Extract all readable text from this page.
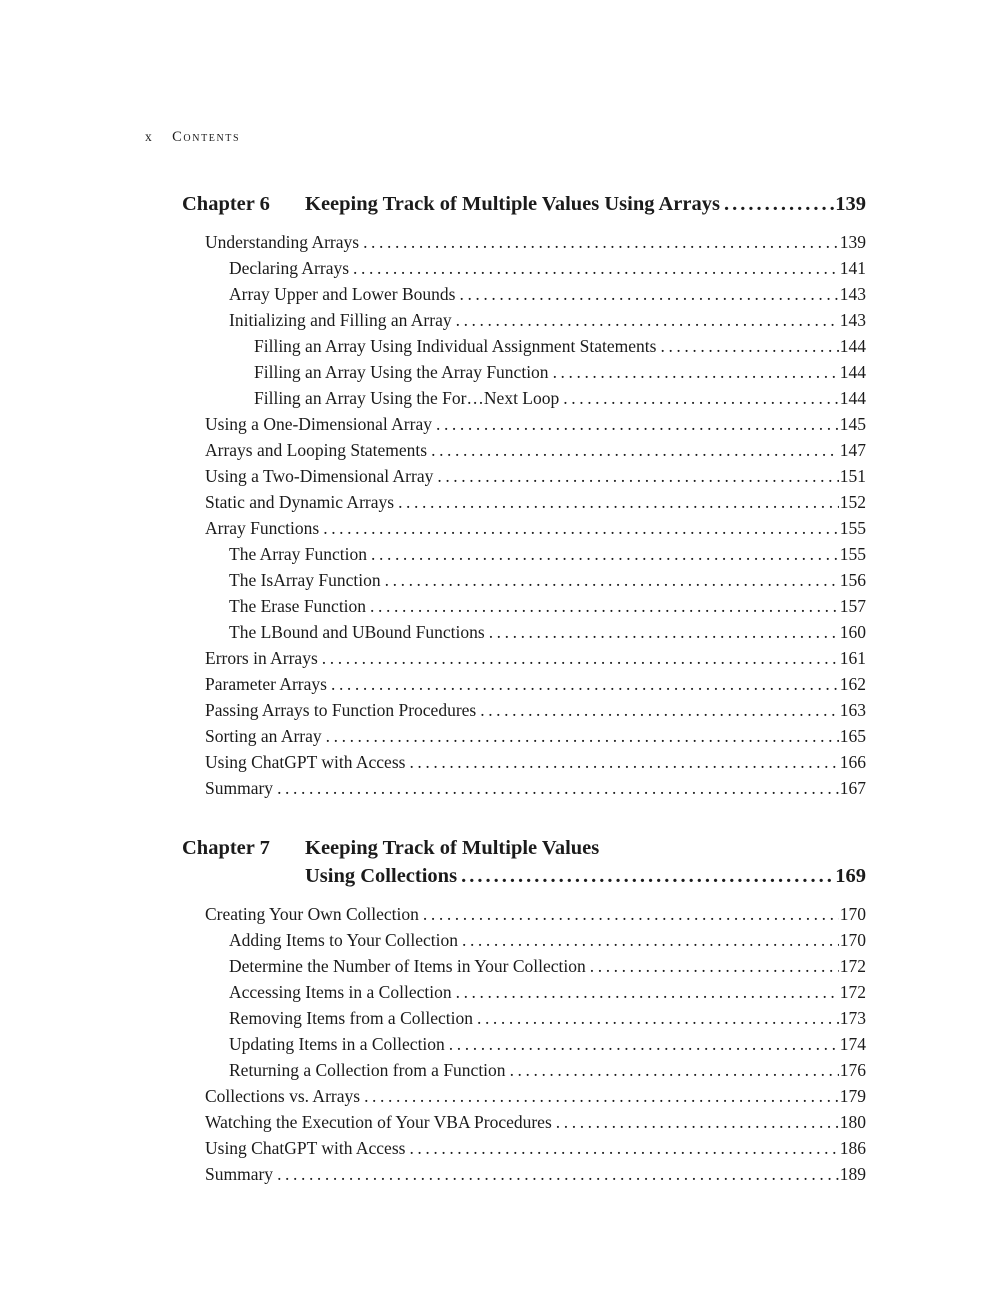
x Contents
Chapter 6	Keeping Track of Multiple Values Using Arrays .....	139
Understanding Arrays .....	139
Declaring Arrays .....	141
Array Upper and Lower Bounds .....	143
Initializing and Filling an Array .....	143
Filling an Array Using Individual Assignment Statements .....	144
Filling an Array Using the Array Function .....	144
Filling an Array Using the For…Next Loop .....	144
Using a One-Dimensional Array .....	145
Arrays and Looping Statements .....	147
Using a Two-Dimensional Array .....	151
Static and Dynamic Arrays .....	152
Array Functions .....	155
The Array Function .....	155
The IsArray Function .....	156
The Erase Function .....	157
The LBound and UBound Functions .....	160
Errors in Arrays .....	161
Parameter Arrays .....	162
Passing Arrays to Function Procedures .....	163
Sorting an Array .....	165
Using ChatGPT with Access .....	166
Summary .....	167
Chapter 7	Keeping Track of Multiple Values
Using Collections .....	169
Creating Your Own Collection .....	170
Adding Items to Your Collection .....	170
Determine the Number of Items in Your Collection .....	172
Accessing Items in a Collection .....	172
Removing Items from a Collection .....	173
Updating Items in a Collection .....	174
Returning a Collection from a Function .....	176
Collections vs. Arrays .....	179
Watching the Execution of Your VBA Procedures .....	180
Using ChatGPT with Access .....	186
Summary .....	189
